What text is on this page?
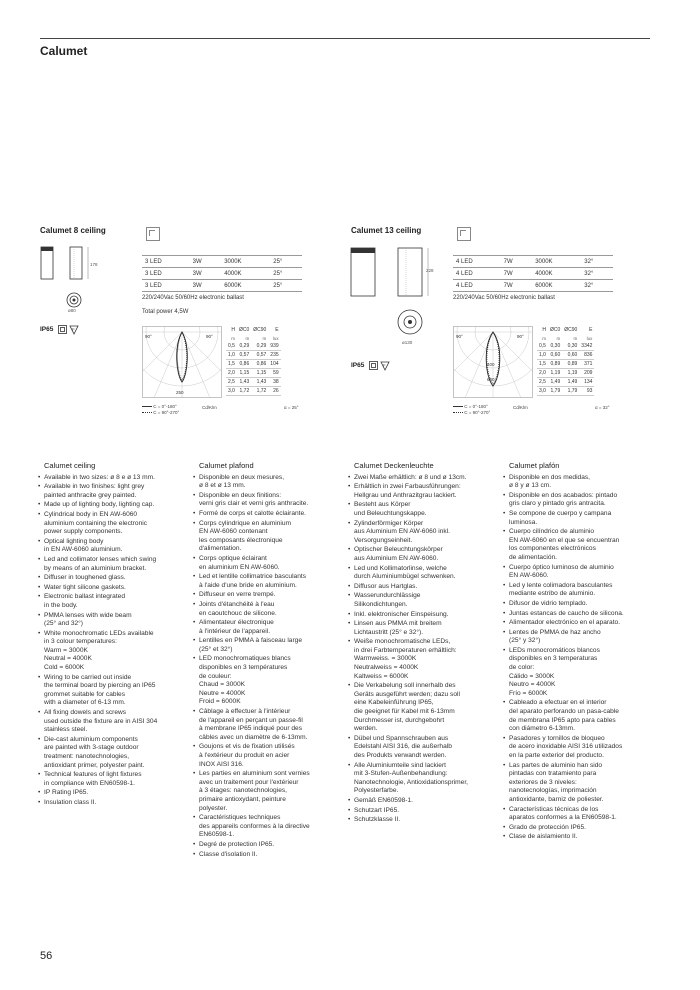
Calumet
Calumet 8 ceiling
178
ø80
IP65	F
3 LED	3W	3000K	25°
3 LED	3W	4000K	25°
3 LED	3W	6000K	25°
220/240Vac 50/60Hz electronic ballast
Total power 4,5W
90°	90°
250
H	ØC0	ØC90	E
m	m	m	lux
0,5	0,29	0,29	939
1,0	0,57	0,57	235
1,5	0,86	0,86	104
2,0	1,15	1,15	59
2,5	1,43	1,43	38
3,0	1,72	1,72	26
C = 0°-180°
C = 90°-270°
Cd/Klm	α = 25°
Calumet 13 ceiling
228
ø130
IP65	F
4 LED	7W	3000K	32°
4 LED	7W	4000K	32°
4 LED	7W	6000K	32°
220/240Vac 50/60Hz electronic ballast
90°	90°
400
600
H	ØC0	ØC90	E
m	m	m	lux
0,5	0,30	0,30	3342
1,0	0,60	0,60	836
1,5	0,89	0,89	371
2,0	1,19	1,19	209
2,5	1,49	1,49	134
3,0	1,79	1,79	93
C = 0°-180°
C = 90°-270°
Cd/Klm	α = 32°
Calumet ceiling
• Available in two sizes: ø 8 e ø 13 mm.
• Available in two finishes: light grey
painted anthracite grey painted.
• Made up of lighting body, lighting cap.
• Cylindrical body in EN AW-6060
aluminium containing the electronic
power supply components.
• Optical lighting body
in EN AW-6060 aluminium.
• Led and collimator lenses which swing
by means of an aluminium bracket.
• Diffuser in toughened glass.
• Water tight silicone gaskets.
• Electronic ballast integrated
in the body.
• PMMA lenses with wide beam
(25° and 32°)
• White monochromatic LEDs available
in 3 colour temperatures:
Warm = 3000K
Neutral = 4000K
Cold = 6000K
• Wiring to be carried out inside
the terminal board by piercing an IP65
grommet suitable for cables
with a diameter of 6-13 mm.
• All fixing dowels and screws
used outside the fixture are in AISI 304
stainless steel.
• Die-cast aluminium components
are painted with 3-stage outdoor
treatment: nanotechnologies,
antioxidant primer, polyester paint.
• Technical features of light fixtures
in compliance with EN60598-1.
• IP Rating IP65.
• Insulation class II.
Calumet plafond
• Disponible en deux mesures,
ø 8 et ø 13 mm.
• Disponible en deux finitions:
verni gris clair et verni gris anthracite.
• Formé de corps et calotte éclairante.
• Corps cylindrique en aluminium
EN AW-6060 contenant
les composants électronique
d'alimentation.
• Corps optique éclairant
en aluminium EN AW-6060.
• Led et lentille collimatrice basculants
à l'aide d'une bride en aluminium.
• Diffuseur en verre trempé.
• Joints d'étanchéité à l'eau
en caoutchouc de silicone.
• Alimentateur électronique
à l'intérieur de l'appareil.
• Lentilles en PMMA à faisceau large
(25° et 32°)
• LED monochromatiques blancs
disponibles en 3 températures
de couleur:
Chaud = 3000K
Neutre = 4000K
Froid = 6000K
• Câblage à effectuer à l'intérieur
de l'appareil en perçant un passe-fil
à membrane IP65 indiqué pour des
câbles avec un diamètre de 6-13mm.
• Goujons et vis de fixation utilisés
à l'extérieur du produit en acier
INOX AISI 316.
• Les parties en aluminium sont vernies
avec un traitement pour l'extérieur
à 3 étages: nanotechnologies,
primaire antioxydant, peinture
polyester.
• Caractéristiques techniques
des appareils conformes à la directive
EN60598-1.
• Degré de protection IP65.
• Classe d'isolation II.
Calumet Deckenleuchte
• Zwei Maße erhältlich: ø 8 und ø 13cm.
• Erhältlich in zwei Farbausführungen:
Hellgrau und Anthrazitgrau lackiert.
• Besteht aus Körper
und Beleuchtungskappe.
• Zylinderförmiger Körper
aus Aluminium EN AW-6060 inkl.
Versorgungseinheit.
• Optischer Beleuchtungskörper
aus Aluminium EN AW-6060.
• Led und Kollimatorlinse, welche
durch Aluminiumbügel schwenken.
• Diffusor aus Hartglas.
• Wasserundurchlässige
Silikondichtungen.
• Inkl. elektronischer Einspeisung.
• Linsen aus PMMA mit breitem
Lichtaustritt (25° e 32°).
• Weiße monochromatische LEDs,
in drei Farbtemperaturen erhältlich:
Warmweiss. = 3000K
Neutralweiss = 4000K
Kaltweiss = 6000K
• Die Verkabelung soll innerhalb des
Geräts ausgeführt werden; dazu soll
eine Kabeleinführung IP65,
die geeignet für Kabel mit 6-13mm
Durchmesser ist, durchgebohrt
werden.
• Dübel und Spannschrauben aus
Edelstahl AISI 316, die außerhalb
des Produkts verwandt werden.
• Alle Aluminiumteile sind lackiert
mit 3-Stufen-Außenbehandlung:
Nanotechnologie, Antioxidationsprimer,
Polyesterfarbe.
• Gemäß EN60598-1.
• Schutzart IP65.
• Schutzklasse II.
Calumet plafón
• Disponible en dos medidas,
ø 8 y ø 13 cm.
• Disponible en dos acabados: pintado
gris claro y pintado gris antracita.
• Se compone de cuerpo y campana
luminosa.
• Cuerpo cilíndrico de aluminio
EN AW-6060 en el que se encuentran
los componentes electrónicos
de alimentación.
• Cuerpo óptico luminoso de aluminio
EN AW-6060.
• Led y lente colimadora basculantes
mediante estribo de aluminio.
• Difusor de vidrio templado.
• Juntas estancas de caucho de silicona.
• Alimentador electrónico en el aparato.
• Lentes de PMMA de haz ancho
(25° y 32°)
• LEDs monocromáticos blancos
disponibles en 3 temperaturas
de color:
Cálido = 3000K
Neutro = 4000K
Frío = 6000K
• Cableado a efectuar en el interior
del aparato perforando un pasa-cable
de membrana IP65 apto para cables
con diámetro 6-13mm.
• Pasadores y tornillos de bloqueo
de acero inoxidable AISI 316 utilizados
en la parte exterior del producto.
• Las partes de aluminio han sido
pintadas con tratamiento para
exteriores de 3 niveles:
nanotecnologías, imprimación
antioxidante, barniz de poliester.
• Características técnicas de los
aparatos conformes a la EN60598-1.
• Grado de protección IP65.
• Clase de aislamiento II.
56
